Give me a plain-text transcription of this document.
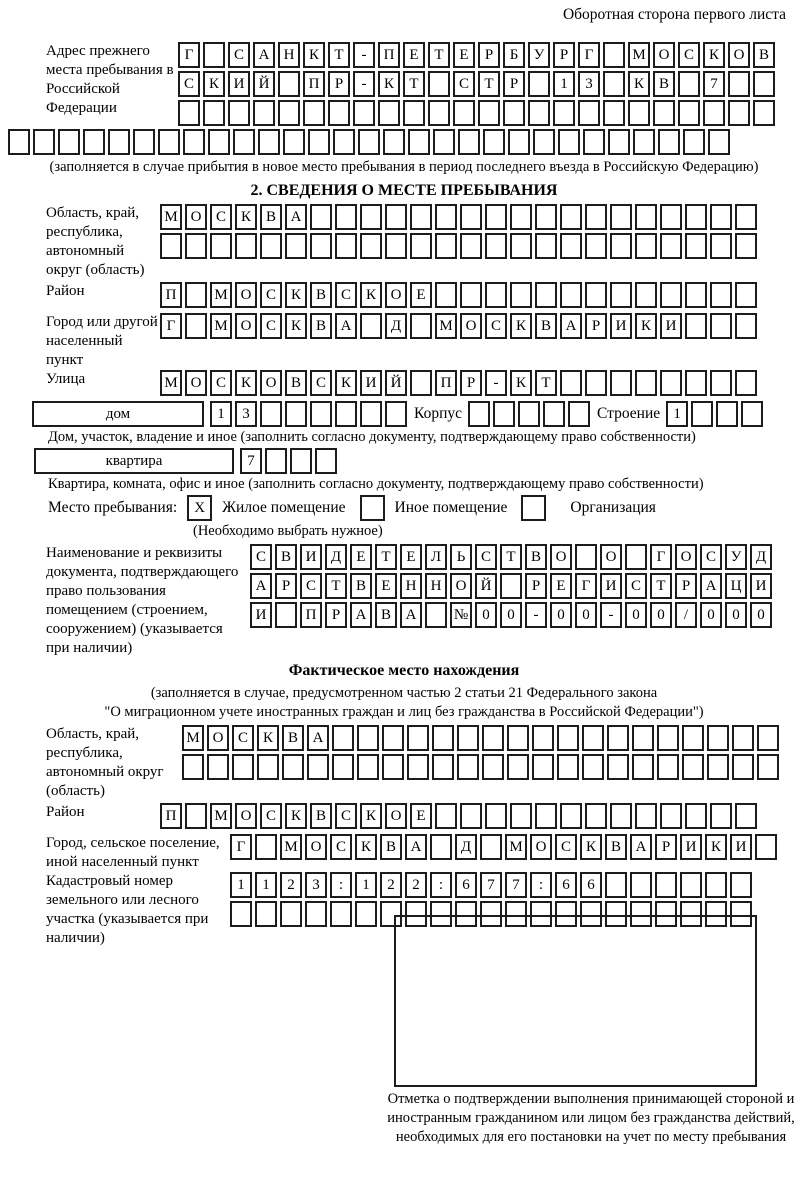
Оборотная сторона первого листа
Адрес прежнего места пребывания в Российской Федерации
Г	С А Н К	Т	-	П Е	Т	Е	Р	Б	У	Р	Г	М О С К О В
С К И Й	П	Р	-	К	Т	С	Т	Р	1	3	К В	7
(заполняется в случае прибытия в новое место пребывания в период последнего въезда в Российскую Федерацию)
2. СВЕДЕНИЯ О МЕСТЕ ПРЕБЫВАНИЯ
Область, край, республика, автономный округ (область)
М О С К В А
Район	П	М О С К В С К О Е
Город или другой населенный пункт
Г	М О С К В А	Д	М О С К В А	Р	И К И
Улица	М О С К О В С К И Й	П	Р	-	К	Т
дом	1	3	Корпус	Строение 1
Дом, участок, владение и иное (заполнить согласно документу, подтверждающему право собственности)
квартира	7
Квартира, комната, офис и иное (заполнить согласно документу, подтверждающему право собственности)
Место пребывания:	X	Жилое помещение	Иное помещение	Организация
(Необходимо выбрать нужное)
Наименование и реквизиты документа, подтверждающего право пользования помещением (строением, сооружением) (указывается при наличии)
С В И Д	Е	Т	Е	Л	Ь	С	Т	В О	О	Г	О С У Д
А	Р	С	Т	В	Е	Н Н О Й	Р	Е	Г	И С	Т	Р	А Ц И
И	П	Р	А В А	№ 0	0	-	0	0	-	0	0	/	0	0	0
Фактическое место нахождения
(заполняется в случае, предусмотренном частью 2 статьи 21 Федерального закона
"О миграционном учете иностранных граждан и лиц без гражданства в Российской Федерации")
Область, край, республика, автономный округ (область)
М О С К В А
Район	П	М О С К В С К О Е
Город, сельское поселение, иной населенный пункт
Г	М О С К В А	Д	М О С К В А	Р	И К И
Кадастровый номер земельного или лесного участка (указывается при наличии)
1	1	2	3	:	1	2	2	:	6	7	7	:	6	6
Отметка о подтверждении выполнения принимающей стороной и иностранным гражданином или лицом без гражданства действий, необходимых для его постановки на учет по месту пребывания
